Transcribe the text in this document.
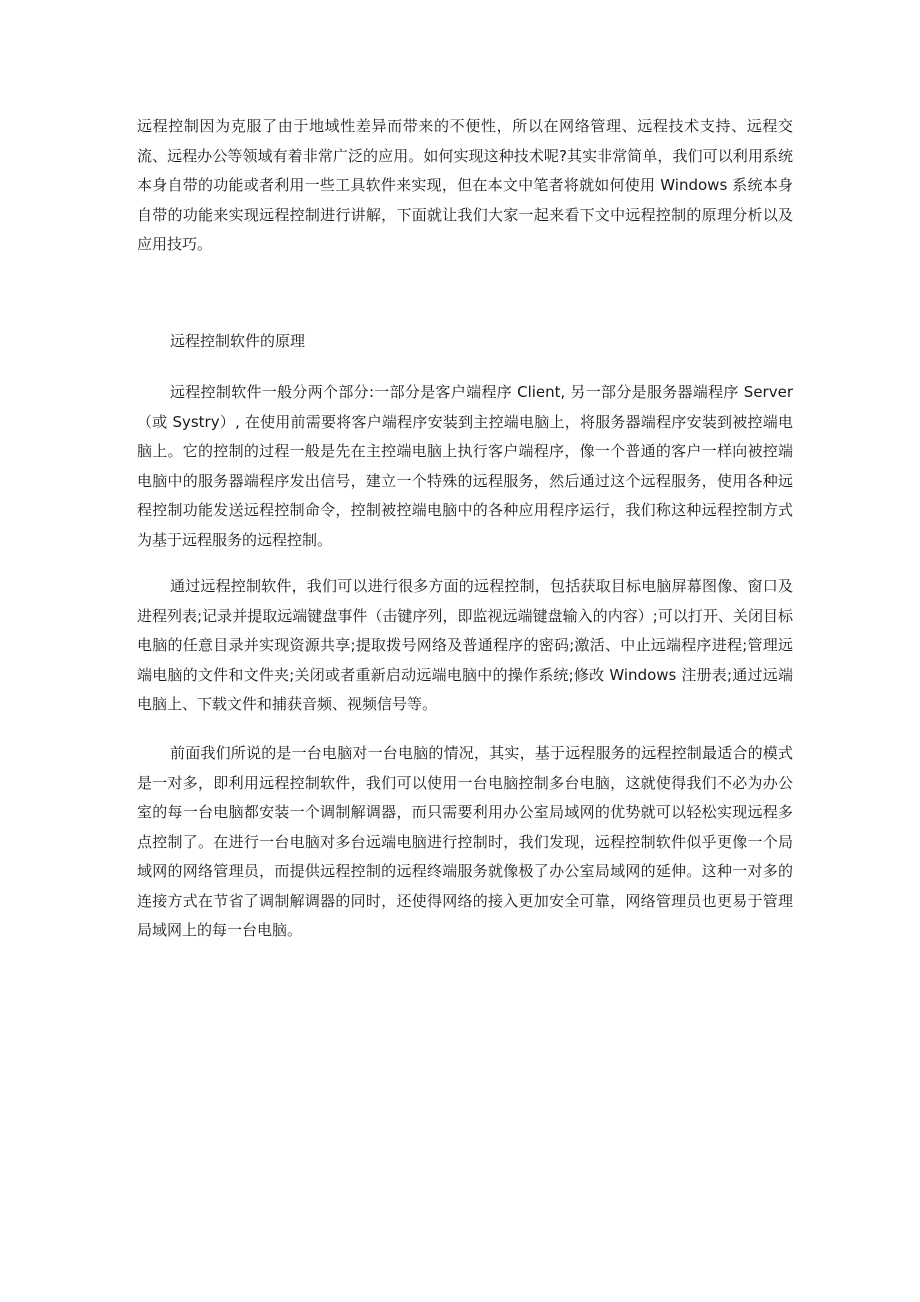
远程控制因为克服了由于地域性差异而带来的不便性，所以在网络管理、远程技术支持、远程交流、远程办公等领域有着非常广泛的应用。如何实现这种技术呢?其实非常简单，我们可以利用系统本身自带的功能或者利用一些工具软件来实现，但在本文中笔者将就如何使用 Windows 系统本身自带的功能来实现远程控制进行讲解，下面就让我们大家一起来看下文中远程控制的原理分析以及应用技巧。

远程控制软件的原理

远程控制软件一般分两个部分:一部分是客户端程序 Client, 另一部分是服务器端程序 Server（或 Systry）, 在使用前需要将客户端程序安装到主控端电脑上，将服务器端程序安装到被控端电脑上。它的控制的过程一般是先在主控端电脑上执行客户端程序，像一个普通的客户一样向被控端电脑中的服务器端程序发出信号，建立一个特殊的远程服务，然后通过这个远程服务，使用各种远程控制功能发送远程控制命令，控制被控端电脑中的各种应用程序运行，我们称这种远程控制方式为基于远程服务的远程控制。

通过远程控制软件，我们可以进行很多方面的远程控制，包括获取目标电脑屏幕图像、窗口及进程列表;记录并提取远端键盘事件（击键序列，即监视远端键盘输入的内容）;可以打开、关闭目标电脑的任意目录并实现资源共享;提取拨号网络及普通程序的密码;激活、中止远端程序进程;管理远端电脑的文件和文件夹;关闭或者重新启动远端电脑中的操作系统;修改 Windows 注册表;通过远端电脑上、下载文件和捕获音频、视频信号等。

前面我们所说的是一台电脑对一台电脑的情况，其实，基于远程服务的远程控制最适合的模式是一对多，即利用远程控制软件，我们可以使用一台电脑控制多台电脑，这就使得我们不必为办公室的每一台电脑都安装一个调制解调器，而只需要利用办公室局域网的优势就可以轻松实现远程多点控制了。在进行一台电脑对多台远端电脑进行控制时，我们发现，远程控制软件似乎更像一个局域网的网络管理员，而提供远程控制的远程终端服务就像极了办公室局域网的延伸。这种一对多的连接方式在节省了调制解调器的同时，还使得网络的接入更加安全可靠，网络管理员也更易于管理局域网上的每一台电脑。
